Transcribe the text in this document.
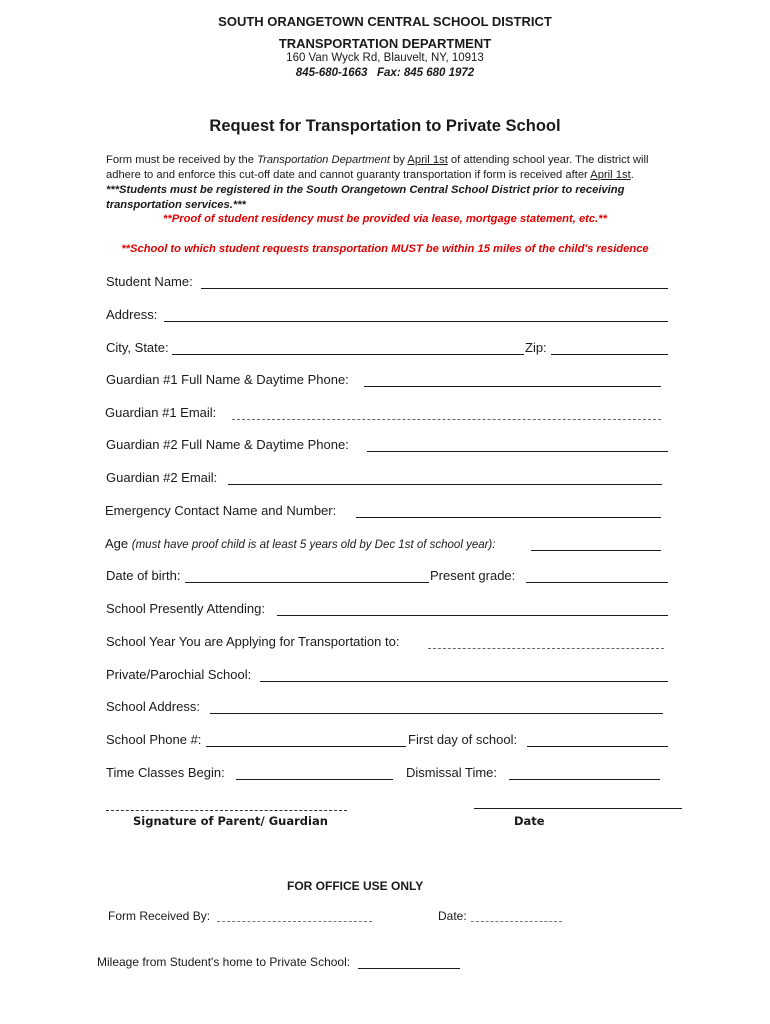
SOUTH ORANGETOWN CENTRAL SCHOOL DISTRICT
TRANSPORTATION DEPARTMENT
160 Van Wyck Rd, Blauvelt, NY, 10913
845-680-1663   Fax: 845 680 1972
Request for Transportation to Private School
Form must be received by the Transportation Department by April 1st of attending school year. The district will adhere to and enforce this cut-off date and cannot guaranty transportation if form is received after April 1st. ***Students must be registered in the South Orangetown Central School District prior to receiving transportation services.***
**Proof of student residency must be provided via lease, mortgage statement, etc.**
**School to which student requests transportation MUST be within 15 miles of the child's residence
Student Name:
Address:
City, State:	Zip:
Guardian #1 Full Name & Daytime Phone:
Guardian #1 Email:
Guardian #2 Full Name & Daytime Phone:
Guardian #2 Email:
Emergency Contact Name and Number:
Age (must have proof child is at least 5 years old by Dec 1st of school year):
Date of birth:	Present grade:
School Presently Attending:
School Year You are Applying for Transportation to:
Private/Parochial School:
School Address:
School Phone #:	First day of school:
Time Classes Begin:	Dismissal Time:
Signature of Parent/ Guardian	Date
FOR OFFICE USE ONLY
Form Received By:	Date:
Mileage from Student's home to Private School:
